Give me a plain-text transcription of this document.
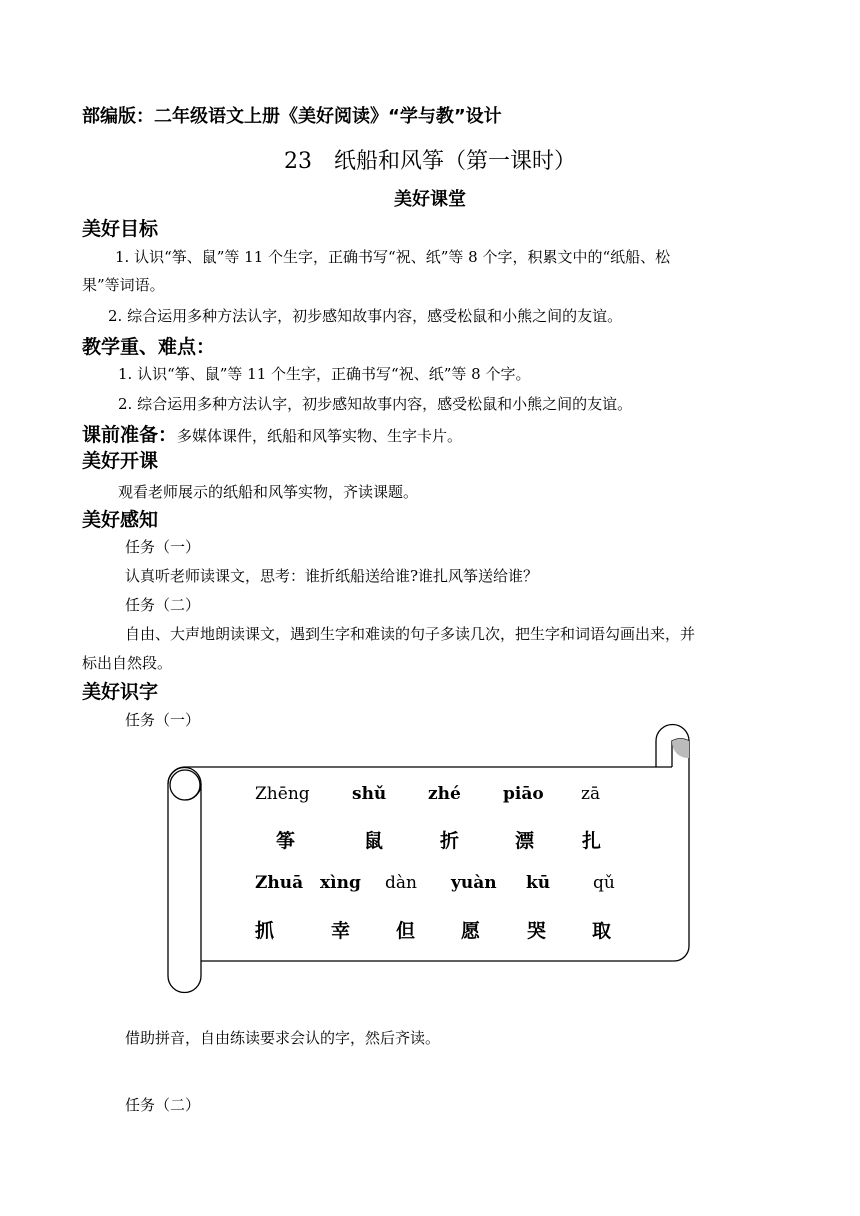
部编版：二年级语文上册《美好阅读》“学与教”设计
23　纸船和风筝（第一课时）
美好课堂
美好目标
1. 认识“筝、鼠”等 11 个生字，正确书写“祝、纸”等 8 个字，积累文中的“纸船、松
果”等词语。
2. 综合运用多种方法认字，初步感知故事内容，感受松鼠和小熊之间的友谊。
教学重、难点：
1. 认识“筝、鼠”等 11 个生字，正确书写“祝、纸”等 8 个字。
2. 综合运用多种方法认字，初步感知故事内容，感受松鼠和小熊之间的友谊。
课前准备：多媒体课件，纸船和风筝实物、生字卡片。
美好开课
观看老师展示的纸船和风筝实物，齐读课题。
美好感知
任务（一）
认真听老师读课文，思考：谁折纸船送给谁?谁扎风筝送给谁？
任务（二）
自由、大声地朗读课文，遇到生字和难读的句子多读几次，把生字和词语勾画出来，并
标出自然段。
美好识字
任务（一）
Zhēng shǔ zhé piāo zā
筝	鼠	折	漂	扎
Zhuā xìng dàn yuàn kū	qǔ
抓	幸 但 愿 哭 取
借助拼音，自由练读要求会认的字，然后齐读。
任务（二）
